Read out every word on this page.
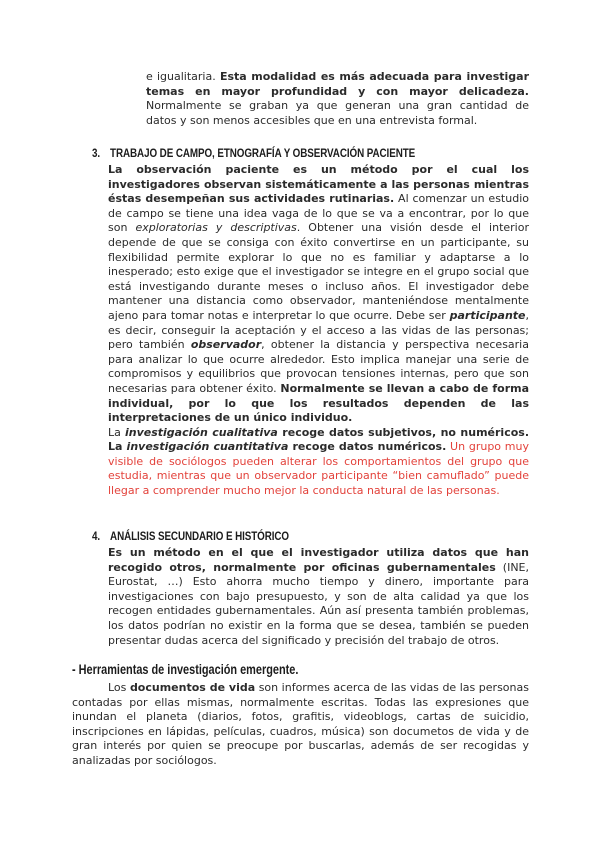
e igualitaria. Esta modalidad es más adecuada para investigar
temas en mayor profundidad y con mayor delicadeza.
Normalmente se graban ya que generan una gran cantidad de
datos y son menos accesibles que en una entrevista formal.
3. TRABAJO DE CAMPO, ETNOGRAFÍA Y OBSERVACIÓN PACIENTE
La observación paciente es un método por el cual los investigadores observan sistemáticamente a las personas mientras éstas desempeñan sus actividades rutinarias. Al comenzar un estudio de campo se tiene una idea vaga de lo que se va a encontrar, por lo que son exploratorias y descriptivas. Obtener una visión desde el interior depende de que se consiga con éxito convertirse en un participante, su flexibilidad permite explorar lo que no es familiar y adaptarse a lo inesperado; esto exige que el investigador se integre en el grupo social que está investigando durante meses o incluso años. El investigador debe mantener una distancia como observador, manteniéndose mentalmente ajeno para tomar notas e interpretar lo que ocurre. Debe ser participante, es decir, conseguir la aceptación y el acceso a las vidas de las personas; pero también observador, obtener la distancia y perspectiva necesaria para analizar lo que ocurre alrededor. Esto implica manejar una serie de compromisos y equilibrios que provocan tensiones internas, pero que son necesarias para obtener éxito. Normalmente se llevan a cabo de forma individual, por lo que los resultados dependen de las interpretaciones de un único individuo.
La investigación cualitativa recoge datos subjetivos, no numéricos. La investigación cuantitativa recoge datos numéricos. Un grupo muy visible de sociólogos pueden alterar los comportamientos del grupo que estudia, mientras que un observador participante “bien camuflado” puede llegar a comprender mucho mejor la conducta natural de las personas.
4. ANÁLISIS SECUNDARIO E HISTÓRICO
Es un método en el que el investigador utiliza datos que han recogido otros, normalmente por oficinas gubernamentales (INE, Eurostat, …) Esto ahorra mucho tiempo y dinero, importante para investigaciones con bajo presupuesto, y son de alta calidad ya que los recogen entidades gubernamentales. Aún así presenta también problemas, los datos podrían no existir en la forma que se desea, también se pueden presentar dudas acerca del significado y precisión del trabajo de otros.
- Herramientas de investigación emergente.
Los documentos de vida son informes acerca de las vidas de las personas contadas por ellas mismas, normalmente escritas. Todas las expresiones que inundan el planeta (diarios, fotos, grafitis, videoblogs, cartas de suicidio, inscripciones en lápidas, películas, cuadros, música) son documetos de vida y de gran interés por quien se preocupe por buscarlas, además de ser recogidas y analizadas por sociólogos.
